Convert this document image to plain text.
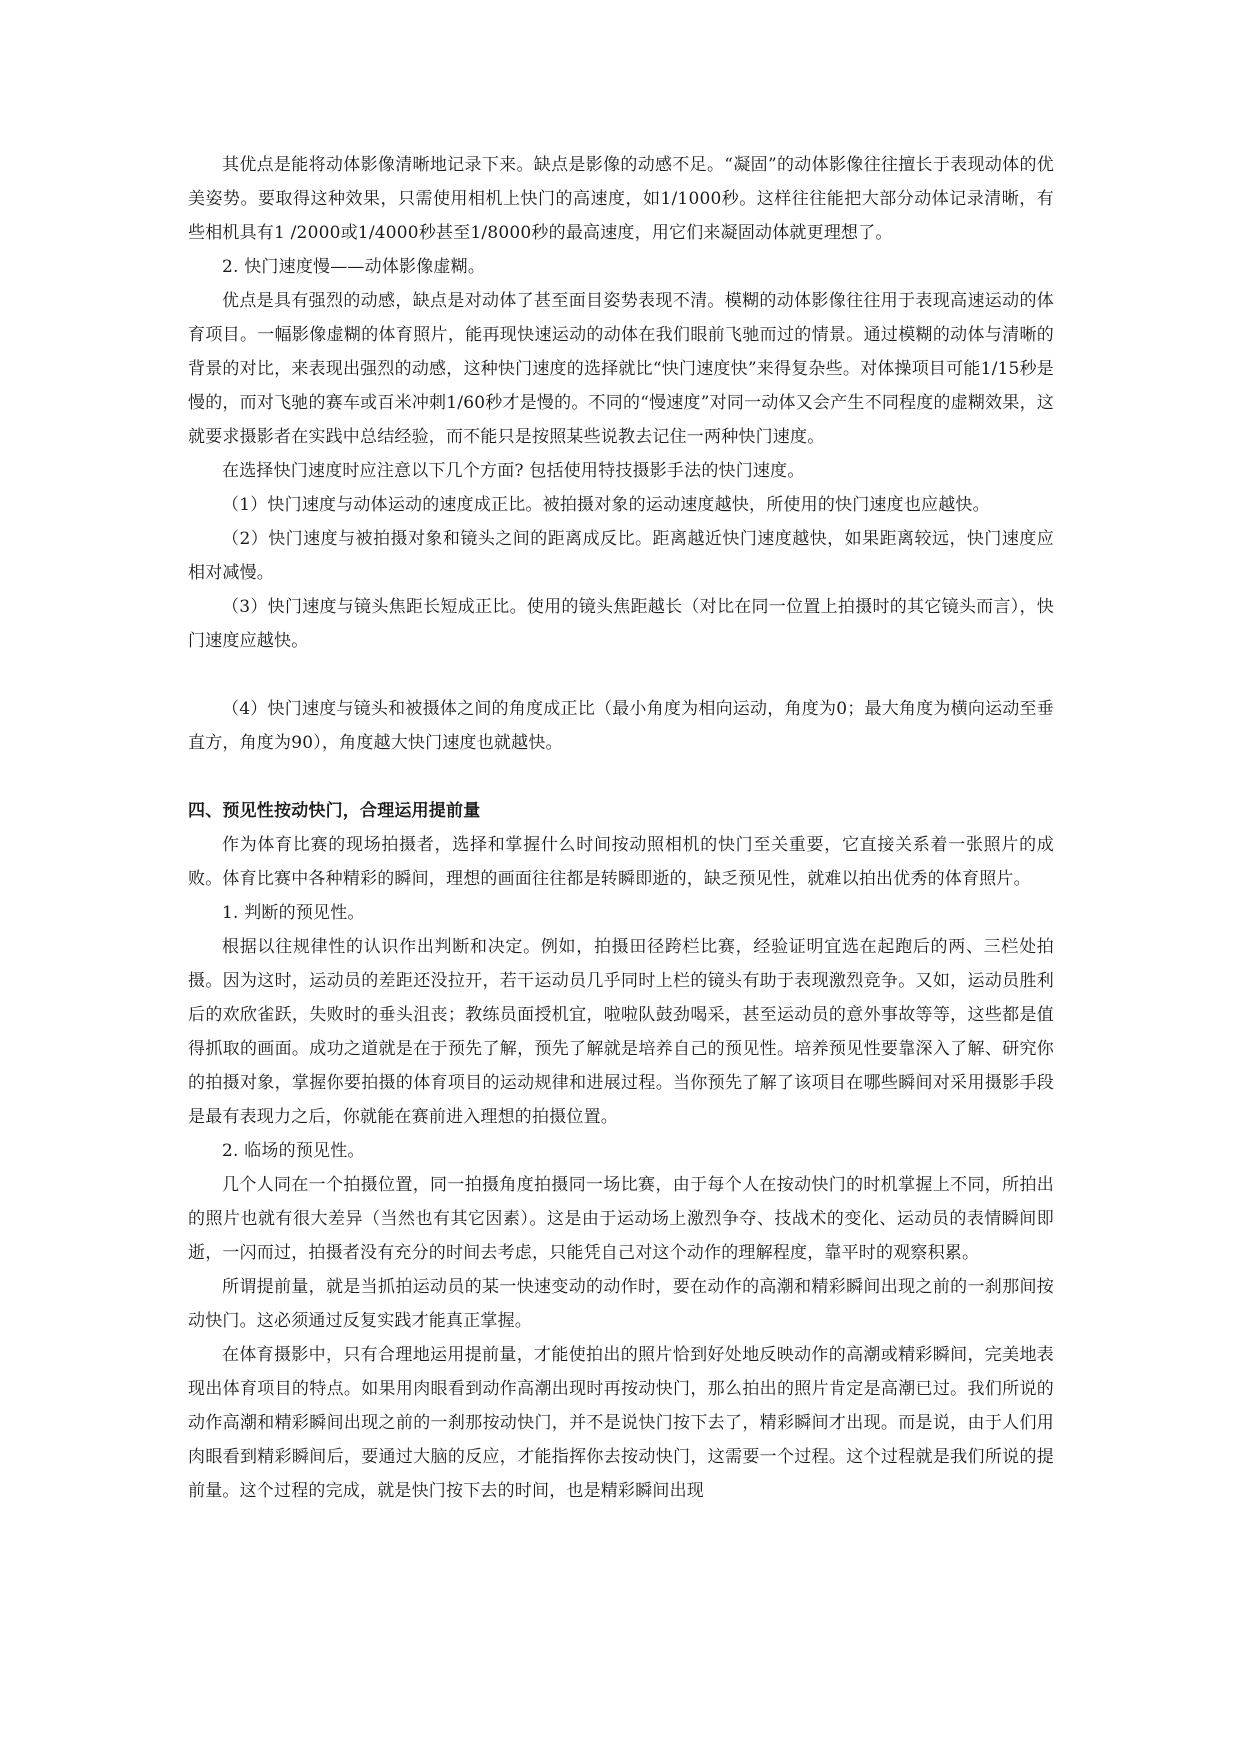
其优点是能将动体影像清晰地记录下来。缺点是影像的动感不足。“凝固”的动体影像往往擅长于表现动体的优美姿势。要取得这种效果，只需使用相机上快门的高速度，如1/1000秒。这样往往能把大部分动体记录清晰，有些相机具有1 /2000或1/4000秒甚至1/8000秒的最高速度，用它们来凝固动体就更理想了。

2. 快门速度慢——动体影像虚糊。

优点是具有强烈的动感，缺点是对动体了甚至面目姿势表现不清。模糊的动体影像往往用于表现高速运动的体育项目。一幅影像虚糊的体育照片，能再现快速运动的动体在我们眼前飞驰而过的情景。通过模糊的动体与清晰的背景的对比，来表现出强烈的动感，这种快门速度的选择就比“快门速度快”来得复杂些。对体操项目可能1/15秒是慢的，而对飞驰的赛车或百米冲刺1/60秒才是慢的。不同的“慢速度”对同一动体又会产生不同程度的虚糊效果，这就要求摄影者在实践中总结经验，而不能只是按照某些说教去记住一两种快门速度。

在选择快门速度时应注意以下几个方面? 包括使用特技摄影手法的快门速度。

（1）快门速度与动体运动的速度成正比。被拍摄对象的运动速度越快，所使用的快门速度也应越快。

（2）快门速度与被拍摄对象和镜头之间的距离成反比。距离越近快门速度越快，如果距离较远，快门速度应相对减慢。

（3）快门速度与镜头焦距长短成正比。使用的镜头焦距越长（对比在同一位置上拍摄时的其它镜头而言），快门速度应越快。

（4）快门速度与镜头和被摄体之间的角度成正比（最小角度为相向运动，角度为0；最大角度为横向运动至垂直方，角度为90），角度越大快门速度也就越快。

四、预见性按动快门，合理运用提前量

作为体育比赛的现场拍摄者，选择和掌握什么时间按动照相机的快门至关重要，它直接关系着一张照片的成败。体育比赛中各种精彩的瞬间，理想的画面往往都是转瞬即逝的，缺乏预见性，就难以拍出优秀的体育照片。

1. 判断的预见性。

根据以往规律性的认识作出判断和决定。例如，拍摄田径跨栏比赛，经验证明宜选在起跑后的两、三栏处拍摄。因为这时，运动员的差距还没拉开，若干运动员几乎同时上栏的镜头有助于表现激烈竞争。又如，运动员胜利后的欢欣雀跃，失败时的垂头沮丧；教练员面授机宜，啦啦队鼓劲喝采，甚至运动员的意外事故等等，这些都是值得抓取的画面。成功之道就是在于预先了解，预先了解就是培养自己的预见性。培养预见性要靠深入了解、研究你的拍摄对象，掌握你要拍摄的体育项目的运动规律和进展过程。当你预先了解了该项目在哪些瞬间对采用摄影手段是最有表现力之后，你就能在赛前进入理想的拍摄位置。

2. 临场的预见性。

几个人同在一个拍摄位置，同一拍摄角度拍摄同一场比赛，由于每个人在按动快门的时机掌握上不同，所拍出的照片也就有很大差异（当然也有其它因素）。这是由于运动场上激烈争夺、技战术的变化、运动员的表情瞬间即逝，一闪而过，拍摄者没有充分的时间去考虑，只能凭自己对这个动作的理解程度，靠平时的观察积累。

所谓提前量，就是当抓拍运动员的某一快速变动的动作时，要在动作的高潮和精彩瞬间出现之前的一刹那间按动快门。这必须通过反复实践才能真正掌握。

在体育摄影中，只有合理地运用提前量，才能使拍出的照片恰到好处地反映动作的高潮或精彩瞬间，完美地表现出体育项目的特点。如果用肉眼看到动作高潮出现时再按动快门，那么拍出的照片肯定是高潮已过。我们所说的动作高潮和精彩瞬间出现之前的一刹那按动快门，并不是说快门按下去了，精彩瞬间才出现。而是说，由于人们用肉眼看到精彩瞬间后，要通过大脑的反应，才能指挥你去按动快门，这需要一个过程。这个过程就是我们所说的提前量。这个过程的完成，就是快门按下去的时间，也是精彩瞬间出现
